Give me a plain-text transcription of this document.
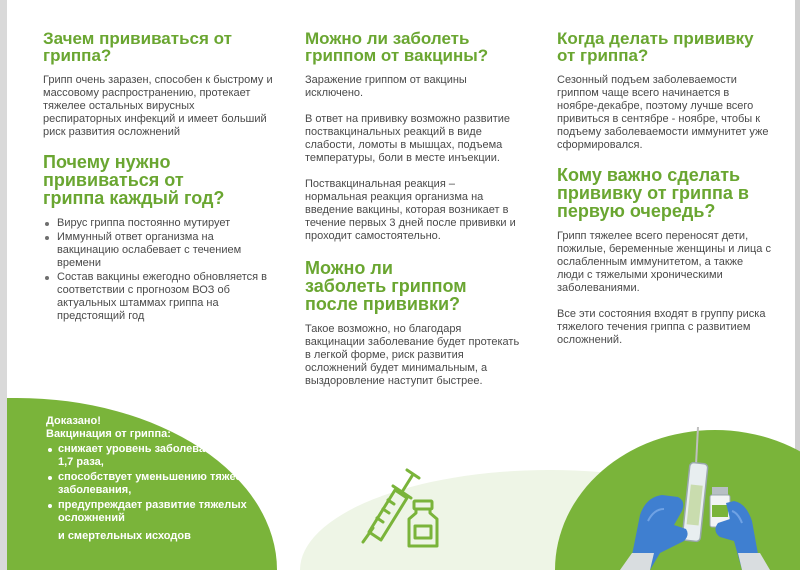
Зачем прививаться от гриппа?

Грипп очень заразен, способен к быстрому и массовому распространению, протекает тяжелее остальных вирусных респираторных инфекций и имеет больший риск развития осложнений

Почему нужно прививаться от гриппа каждый год?
Вирус гриппа постоянно мутирует
Иммунный ответ организма на вакцинацию ослабевает с течением времени
Состав вакцины ежегодно обновляется в соответствии с прогнозом ВОЗ об актуальных штаммах гриппа на предстоящий год
Доказано!
Вакцинация от гриппа:
снижает уровень заболеваемости в 1,4-1,7 раза,
способствует уменьшению тяжести заболевания,
предупреждает развитие тяжелых осложнений
и смертельных исходов
Можно ли заболеть гриппом от вакцины?

Заражение гриппом от вакцины исключено.

В ответ на прививку возможно развитие поствакцинальных реакций в виде слабости, ломоты в мышцах, подъема температуры, боли в месте инъекции.

Поствакцинальная реакция – нормальная реакция организма на введение вакцины, которая возникает в течение первых 3 дней после прививки и проходит самостоятельно.

Можно ли заболеть гриппом после прививки?

Такое возможно, но благодаря вакцинации заболевание будет протекать в легкой форме, риск развития осложнений будет минимальным, а выздоровление наступит быстрее.

Когда делать прививку от гриппа?

Сезонный подъем заболеваемости гриппом чаще всего начинается в ноябре-декабре, поэтому лучше всего привиться в сентябре - ноябре, чтобы к подъему заболеваемости иммунитет уже сформировался.

Кому важно сделать прививку от гриппа в первую очередь?

Грипп тяжелее всего переносят дети, пожилые, беременные женщины и лица с ослабленным иммунитетом, а также люди с тяжелыми хроническими заболеваниями.

Все эти состояния входят в группу риска тяжелого течения гриппа с развитием осложнений.
